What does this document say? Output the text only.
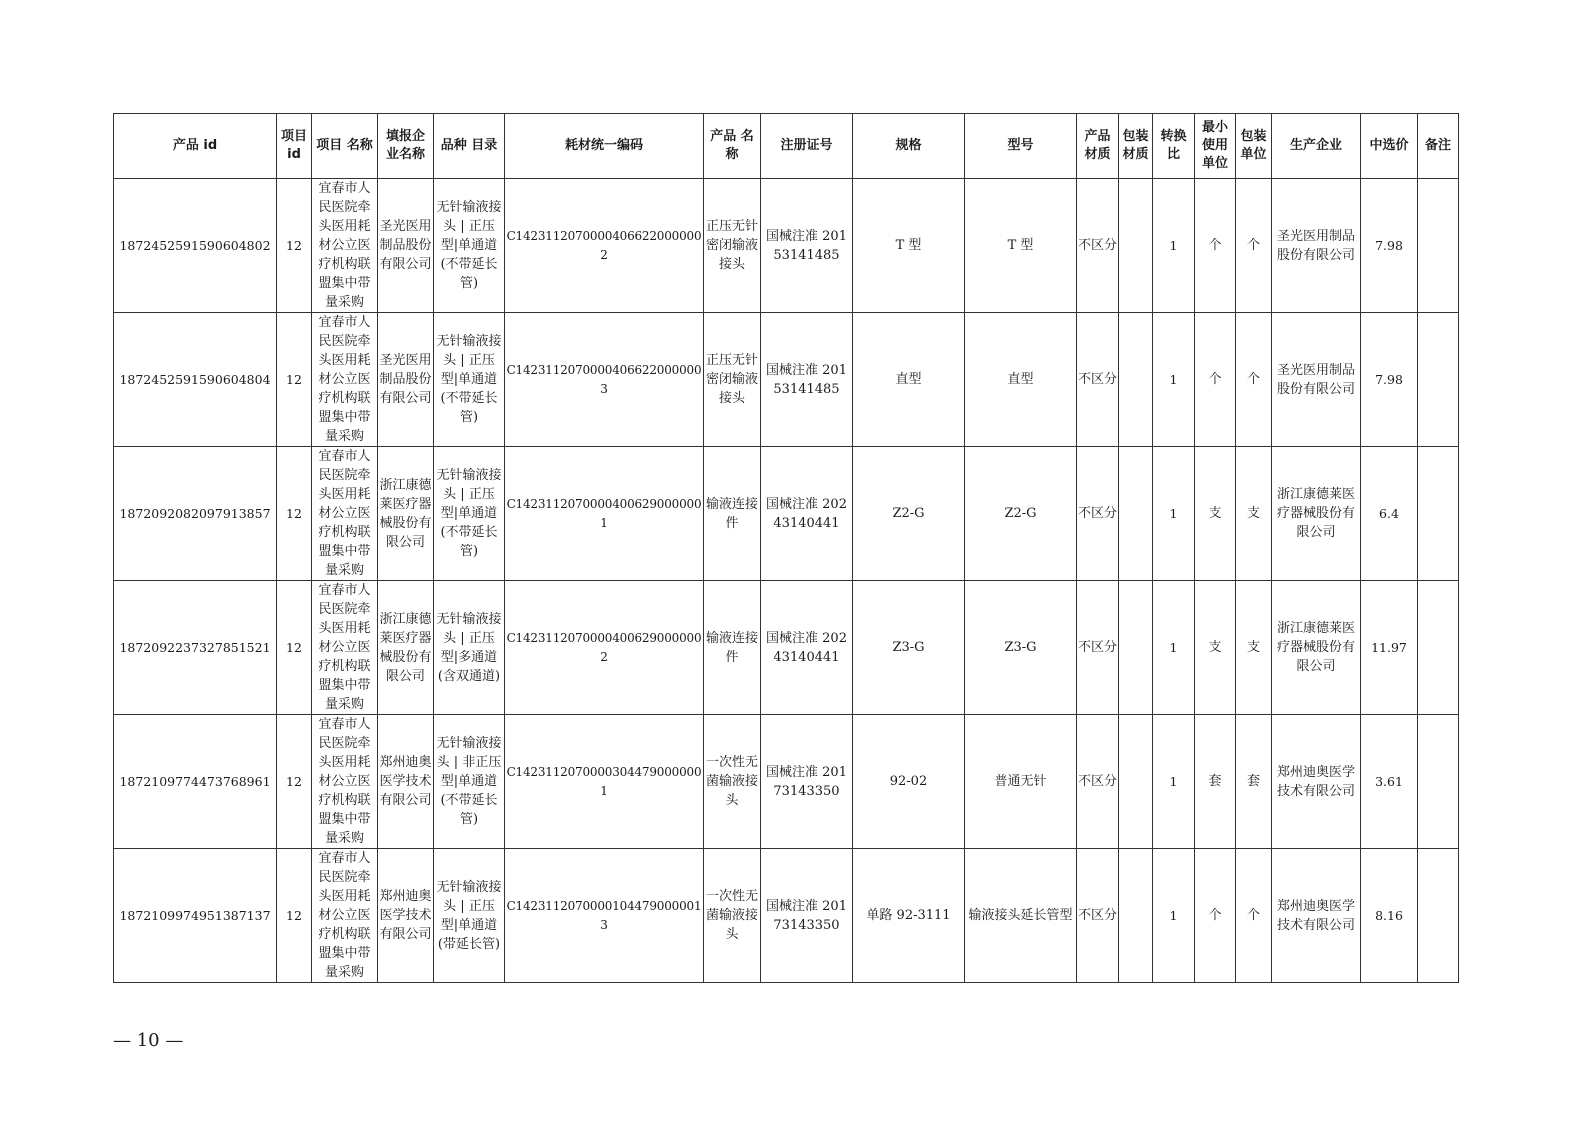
产品 id	项目 id	项目 名称	填报企 业名称	品种 目录	耗材统一编码	产品 名称	注册证号	规格	型号	产品 材质	包装 材质	转换 比	最小 使用 单位	包装 单位	生产企业	中选价	备注
1872452591590604802	12	宜春市人民医院牵头医用耗材公立医疗机构联盟集中带量采购	圣光医用制品股份有限公司	无针输液接头 | 正压型|单通道(不带延长管)	C14231120700004066220000002	正压无针密闭输液接头	国械注准 20153141485	T 型	T 型	不区分		1	个	个	圣光医用制品股份有限公司	7.98	
1872452591590604804	12	宜春市人民医院牵头医用耗材公立医疗机构联盟集中带量采购	圣光医用制品股份有限公司	无针输液接头 | 正压型|单通道(不带延长管)	C14231120700004066220000003	正压无针密闭输液接头	国械注准 20153141485	直型	直型	不区分		1	个	个	圣光医用制品股份有限公司	7.98	
1872092082097913857	12	宜春市人民医院牵头医用耗材公立医疗机构联盟集中带量采购	浙江康德莱医疗器械股份有限公司	无针输液接头 | 正压型|单通道(不带延长管)	C14231120700004006290000001	输液连接件	国械注准 20243140441	Z2-G	Z2-G	不区分		1	支	支	浙江康德莱医疗器械股份有限公司	6.4	
1872092237327851521	12	宜春市人民医院牵头医用耗材公立医疗机构联盟集中带量采购	浙江康德莱医疗器械股份有限公司	无针输液接头 | 正压型|多通道(含双通道)	C14231120700004006290000002	输液连接件	国械注准 20243140441	Z3-G	Z3-G	不区分		1	支	支	浙江康德莱医疗器械股份有限公司	11.97	
1872109774473768961	12	宜春市人民医院牵头医用耗材公立医疗机构联盟集中带量采购	郑州迪奥医学技术有限公司	无针输液接头 | 非正压型|单通道(不带延长管)	C14231120700003044790000001	一次性无菌输液接头	国械注准 20173143350	92-02	普通无针	不区分		1	套	套	郑州迪奥医学技术有限公司	3.61	
1872109974951387137	12	宜春市人民医院牵头医用耗材公立医疗机构联盟集中带量采购	郑州迪奥医学技术有限公司	无针输液接头 | 正压型|单通道(带延长管)	C14231120700001044790000013	一次性无菌输液接头	国械注准 20173143350	单路 92-3111	输液接头延长管型	不区分		1	个	个	郑州迪奥医学技术有限公司	8.16	
— 10 —
